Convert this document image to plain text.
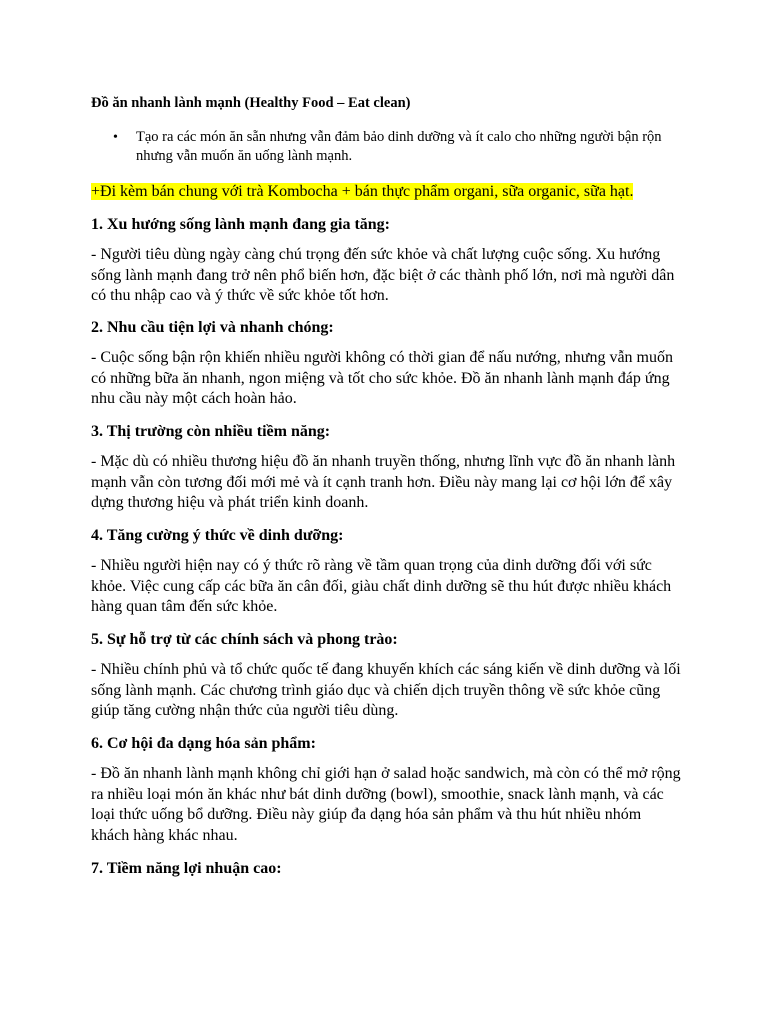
Đồ ăn nhanh lành mạnh (Healthy Food – Eat clean)
• Tạo ra các món ăn sẵn nhưng vẫn đảm bảo dinh dưỡng và ít calo cho những người bận rộn nhưng vẫn muốn ăn uống lành mạnh.
+Đi kèm bán chung với trà Kombocha + bán thực phẩm organi, sữa organic, sữa hạt.
1. Xu hướng sống lành mạnh đang gia tăng:
- Người tiêu dùng ngày càng chú trọng đến sức khỏe và chất lượng cuộc sống. Xu hướng sống lành mạnh đang trở nên phổ biến hơn, đặc biệt ở các thành phố lớn, nơi mà người dân có thu nhập cao và ý thức về sức khỏe tốt hơn.
2. Nhu cầu tiện lợi và nhanh chóng:
- Cuộc sống bận rộn khiến nhiều người không có thời gian để nấu nướng, nhưng vẫn muốn có những bữa ăn nhanh, ngon miệng và tốt cho sức khỏe. Đồ ăn nhanh lành mạnh đáp ứng nhu cầu này một cách hoàn hảo.
3. Thị trường còn nhiều tiềm năng:
- Mặc dù có nhiều thương hiệu đồ ăn nhanh truyền thống, nhưng lĩnh vực đồ ăn nhanh lành mạnh vẫn còn tương đối mới mẻ và ít cạnh tranh hơn. Điều này mang lại cơ hội lớn để xây dựng thương hiệu và phát triển kinh doanh.
4. Tăng cường ý thức về dinh dưỡng:
- Nhiều người hiện nay có ý thức rõ ràng về tầm quan trọng của dinh dưỡng đối với sức khỏe. Việc cung cấp các bữa ăn cân đối, giàu chất dinh dưỡng sẽ thu hút được nhiều khách hàng quan tâm đến sức khỏe.
5. Sự hỗ trợ từ các chính sách và phong trào:
- Nhiều chính phủ và tổ chức quốc tế đang khuyến khích các sáng kiến về dinh dưỡng và lối sống lành mạnh. Các chương trình giáo dục và chiến dịch truyền thông về sức khỏe cũng giúp tăng cường nhận thức của người tiêu dùng.
6. Cơ hội đa dạng hóa sản phẩm:
- Đồ ăn nhanh lành mạnh không chỉ giới hạn ở salad hoặc sandwich, mà còn có thể mở rộng ra nhiều loại món ăn khác như bát dinh dưỡng (bowl), smoothie, snack lành mạnh, và các loại thức uống bổ dưỡng. Điều này giúp đa dạng hóa sản phẩm và thu hút nhiều nhóm khách hàng khác nhau.
7. Tiềm năng lợi nhuận cao:
